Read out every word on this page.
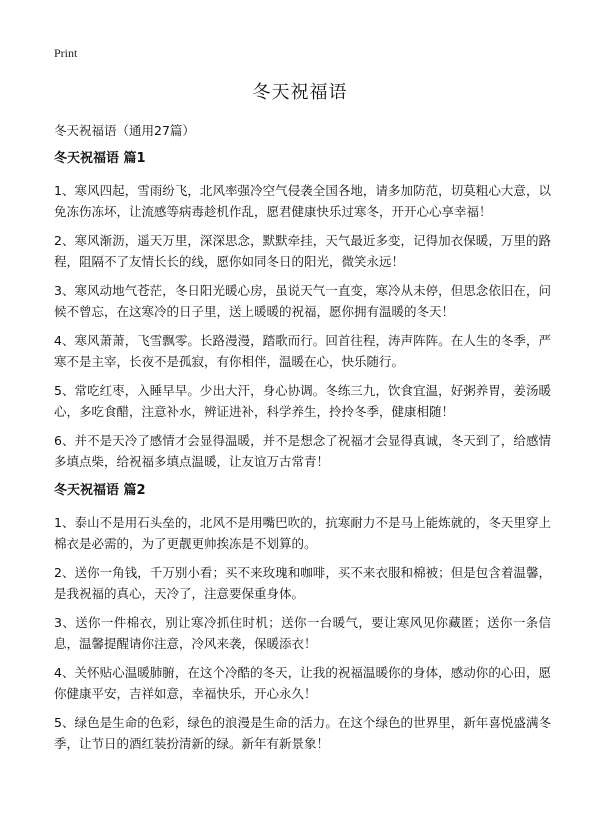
Print
冬天祝福语

冬天祝福语（通用27篇）

冬天祝福语 篇1

1、寒风四起，雪雨纷飞，北风率强冷空气侵袭全国各地，请多加防范，切莫粗心大意，以免冻伤冻坏，让流感等病毒趁机作乱，愿君健康快乐过寒冬，开开心心享幸福！

2、寒风渐沥，遥天万里，深深思念，默默牵挂，天气最近多变，记得加衣保暖，万里的路程，阻隔不了友情长长的线，愿你如同冬日的阳光，微笑永远！

3、寒风动地气苍茫，冬日阳光暖心房，虽说天气一直变，寒冷从未停，但思念依旧在，问候不曾忘，在这寒冷的日子里，送上暖暖的祝福，愿你拥有温暖的冬天！

4、寒风萧萧，飞雪飘零。长路漫漫，踏歌而行。回首往程，涛声阵阵。在人生的冬季，严寒不是主宰，长夜不是孤寂，有你相伴，温暖在心，快乐随行。

5、常吃红枣，入睡早早。少出大汗，身心协调。冬练三九，饮食宜温，好粥养胃，姜汤暖心，多吃食醋，注意补水，辨证进补，科学养生，拎拎冬季，健康相随！

6、并不是天冷了感情才会显得温暖，并不是想念了祝福才会显得真诚，冬天到了，给感情多填点柴，给祝福多填点温暖，让友谊万古常青！

冬天祝福语 篇2

1、泰山不是用石头垒的，北风不是用嘴巴吹的，抗寒耐力不是马上能炼就的，冬天里穿上棉衣是必需的，为了更靓更帅挨冻是不划算的。

2、送你一角钱，千万别小看；买不来玫瑰和咖啡，买不来衣服和棉被；但是包含着温馨，是我祝福的真心，天冷了，注意要保重身体。

3、送你一件棉衣，别让寒冷抓住时机；送你一台暖气，要让寒风见你藏匿；送你一条信息，温馨提醒请你注意，冷风来袭，保暖添衣！

4、关怀贴心温暖肺腑，在这个冷酷的冬天，让我的祝福温暖你的身体，感动你的心田，愿你健康平安，吉祥如意，幸福快乐，开心永久！

5、绿色是生命的色彩，绿色的浪漫是生命的活力。在这个绿色的世界里，新年喜悦盛满冬季，让节日的酒红装扮清新的绿。新年有新景象！
